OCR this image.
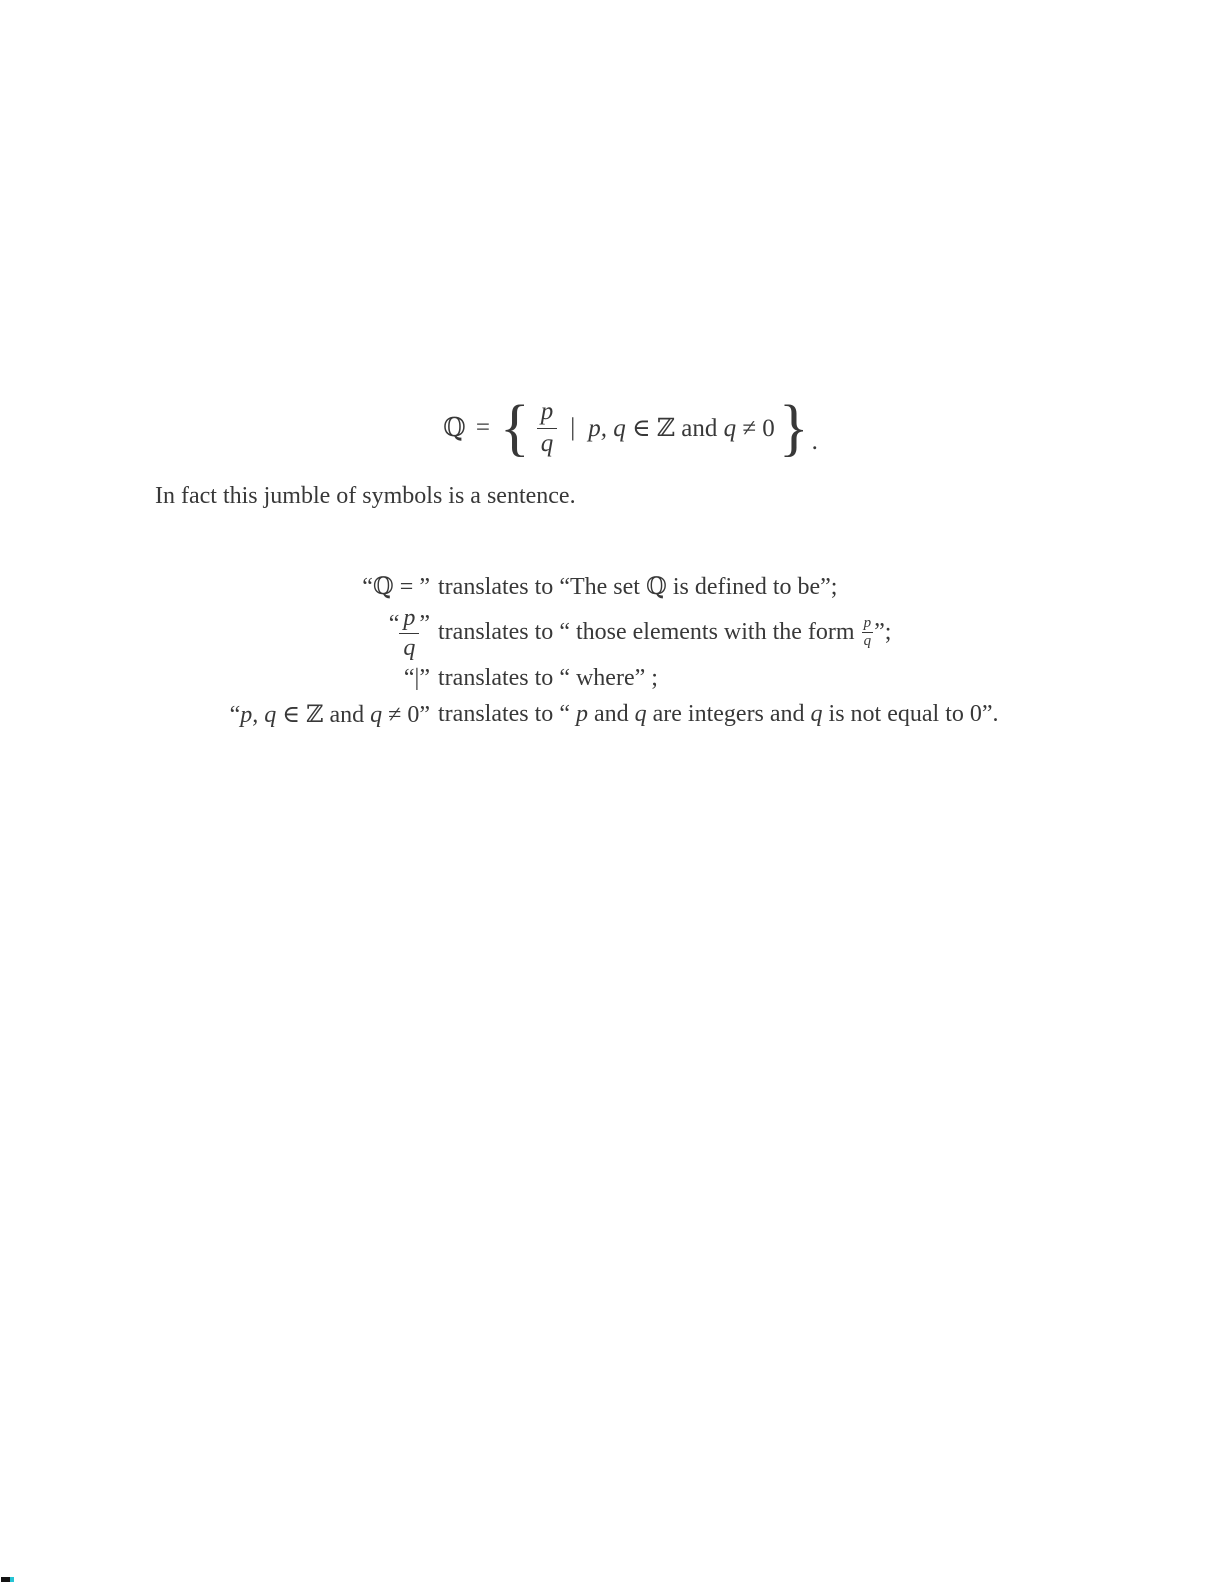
ℚ = { $\frac{p}{q}$ | p, q ∈ ℤ and q ≠ 0 } .

In fact this jumble of symbols is a sentence.

“ℚ = ”	translates to “The set ℚ is defined to be”;
“ $\frac{p}{q}$ ”	translates to “ those elements with the form $\frac{p}{q}$ ”;
“|”	translates to “ where” ;
“p, q ∈ ℤ and q ≠ 0”	translates to “ p and q are integers and q is not equal to 0”.
